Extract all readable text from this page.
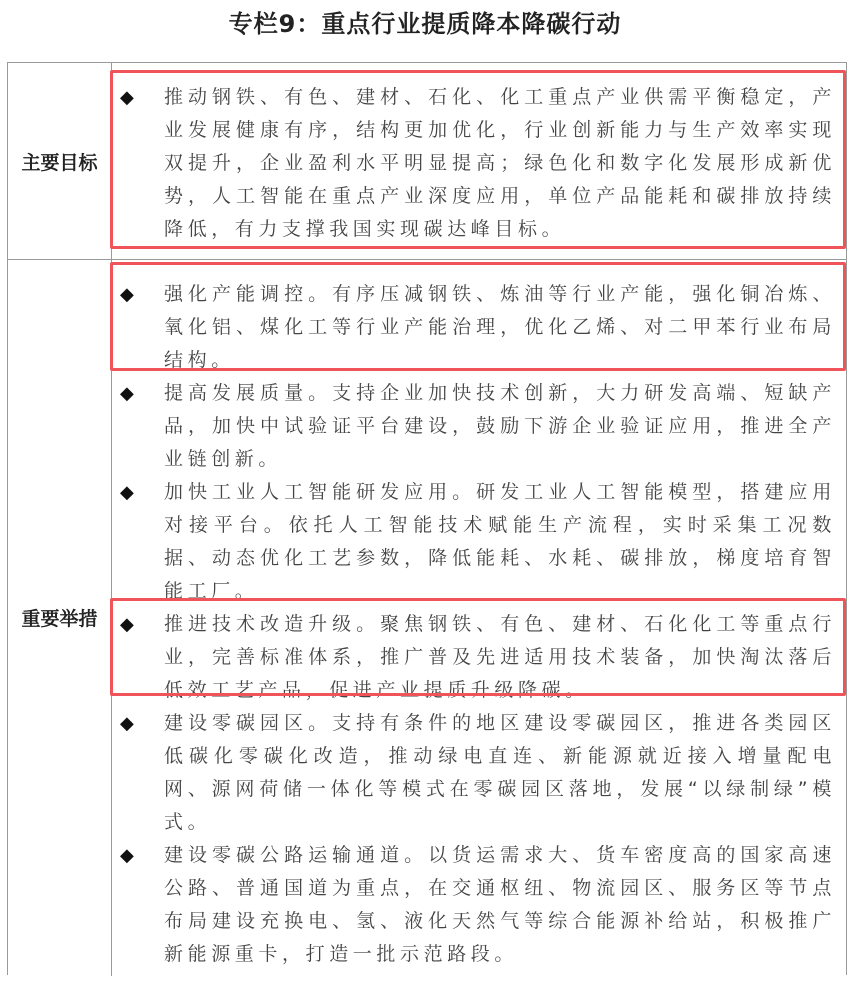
专栏9：重点行业提质降本降碳行动
主要目标
◆ 推动钢铁、有色、建材、石化、化工重点产业供需平衡稳定，产业发展健康有序，结构更加优化，行业创新能力与生产效率实现双提升，企业盈利水平明显提高；绿色化和数字化发展形成新优势，人工智能在重点产业深度应用，单位产品能耗和碳排放持续降低，有力支撑我国实现碳达峰目标。
重要举措
◆ 强化产能调控。有序压减钢铁、炼油等行业产能，强化铜冶炼、氧化铝、煤化工等行业产能治理，优化乙烯、对二甲苯行业布局结构。
◆ 提高发展质量。支持企业加快技术创新，大力研发高端、短缺产品，加快中试验证平台建设，鼓励下游企业验证应用，推进全产业链创新。
◆ 加快工业人工智能研发应用。研发工业人工智能模型，搭建应用对接平台。依托人工智能技术赋能生产流程，实时采集工况数据、动态优化工艺参数，降低能耗、水耗、碳排放，梯度培育智能工厂。
◆ 推进技术改造升级。聚焦钢铁、有色、建材、石化化工等重点行业，完善标准体系，推广普及先进适用技术装备，加快淘汰落后低效工艺产品，促进产业提质升级降碳。
◆ 建设零碳园区。支持有条件的地区建设零碳园区，推进各类园区低碳化零碳化改造，推动绿电直连、新能源就近接入增量配电网、源网荷储一体化等模式在零碳园区落地，发展“以绿制绿”模式。
◆ 建设零碳公路运输通道。以货运需求大、货车密度高的国家高速公路、普通国道为重点，在交通枢纽、物流园区、服务区等节点布局建设充换电、氢、液化天然气等综合能源补给站，积极推广新能源重卡，打造一批示范路段。
